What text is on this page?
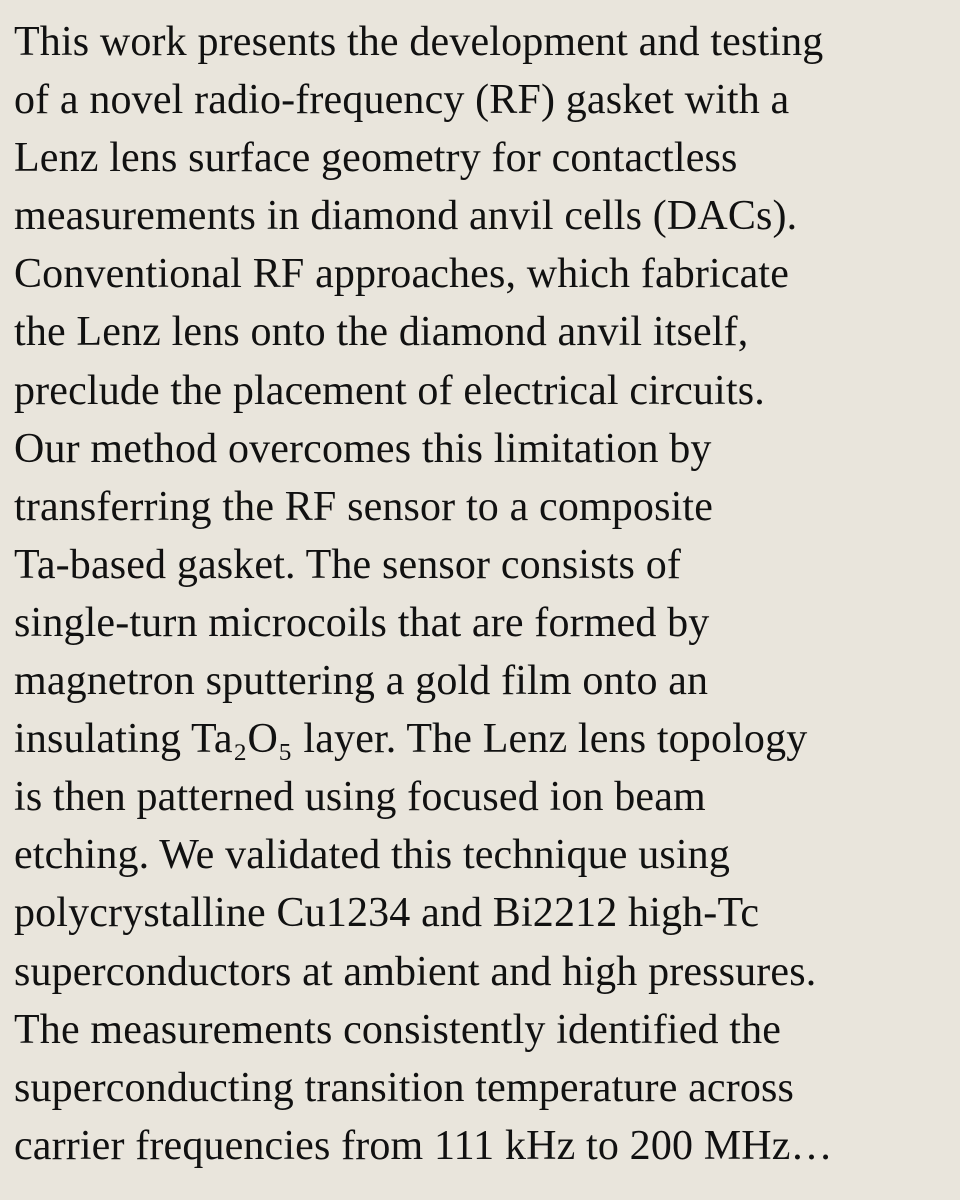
This work presents the development and testing
of a novel radio-frequency (RF) gasket with a
Lenz lens surface geometry for contactless
measurements in diamond anvil cells (DACs).
Conventional RF approaches, which fabricate
the Lenz lens onto the diamond anvil itself,
preclude the placement of electrical circuits.
Our method overcomes this limitation by
transferring the RF sensor to a composite
Ta-based gasket. The sensor consists of
single-turn microcoils that are formed by
magnetron sputtering a gold film onto an
insulating Ta₂O₅ layer. The Lenz lens topology
is then patterned using focused ion beam
etching. We validated this technique using
polycrystalline Cu1234 and Bi2212 high-Tc
superconductors at ambient and high pressures.
The measurements consistently identified the
superconducting transition temperature across
carrier frequencies from 111 kHz to 200 MHz…
